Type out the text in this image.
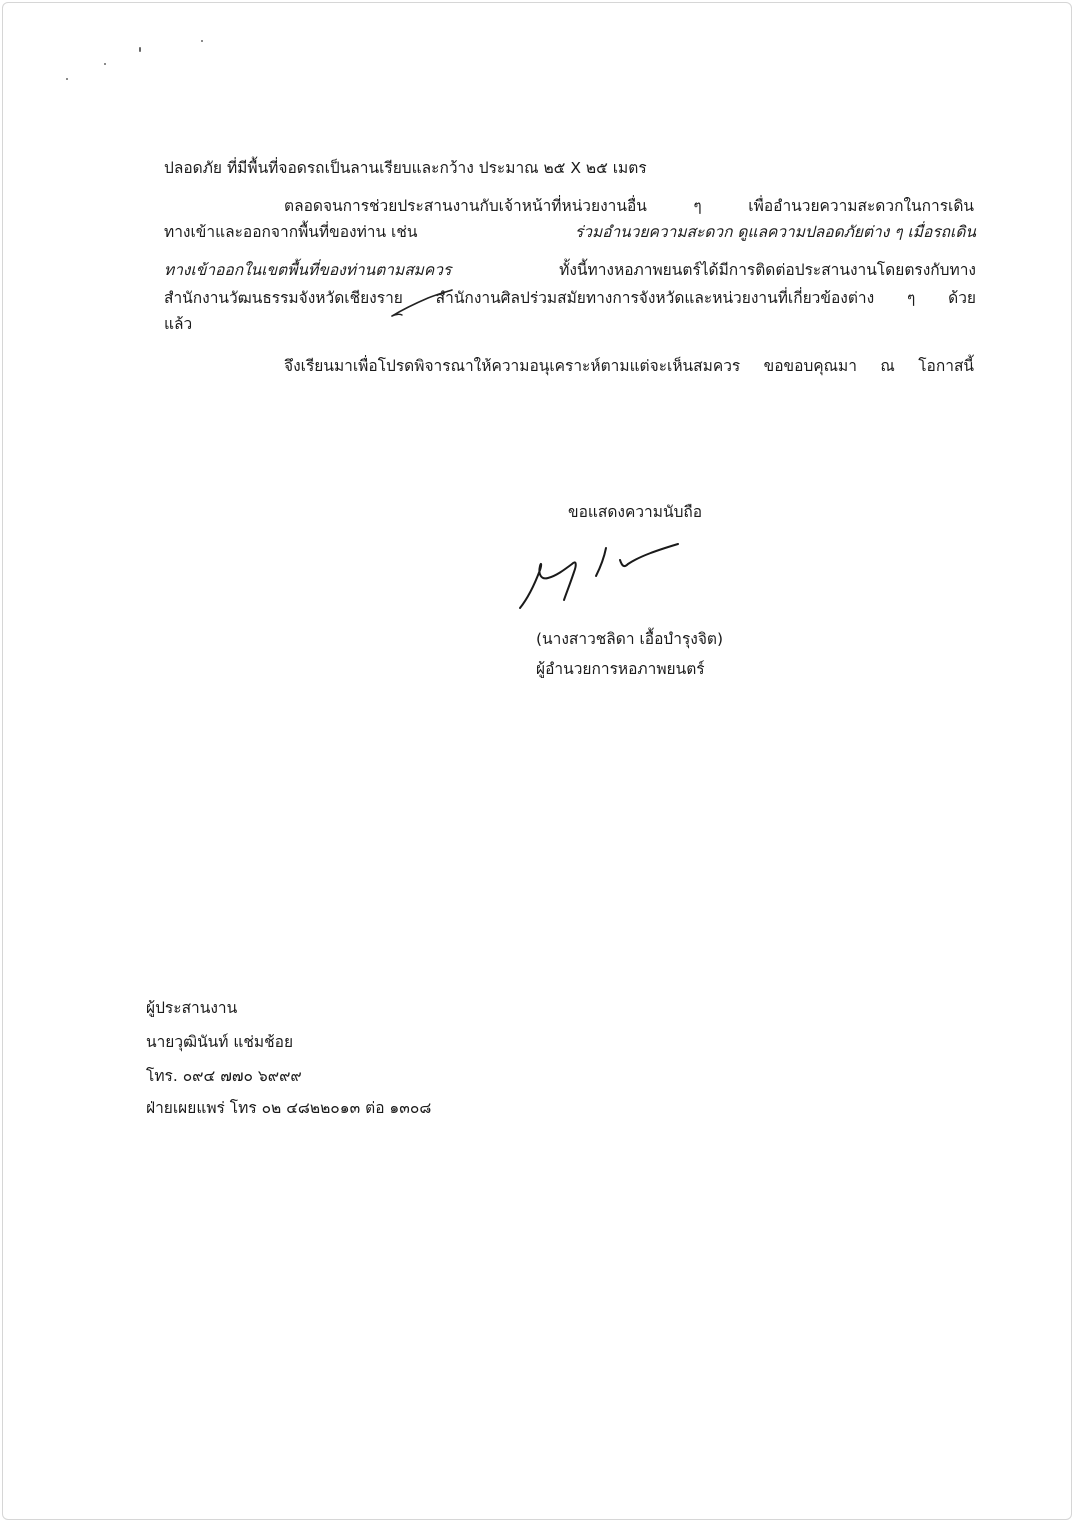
ปลอดภัย ที่มีพื้นที่จอดรถเป็นลานเรียบและกว้าง ประมาณ ๒๕ X ๒๕ เมตร
ตลอดจนการช่วยประสานงานกับเจ้าหน้าที่หน่วยงานอื่น ๆ เพื่ออำนวยความสะดวกในการเดิน
ทางเข้าและออกจากพื้นที่ของท่าน เช่น	ร่วมอำนวยความสะดวก ดูแลความปลอดภัยต่าง ๆ เมื่อรถเดิน
ทางเข้าออกในเขตพื้นที่ของท่านตามสมควร	ทั้งนี้ทางหอภาพยนตร์ได้มีการติดต่อประสานงานโดยตรงกับทาง
สำนักงานวัฒนธรรมจังหวัดเชียงราย สำนักงานศิลปร่วมสมัยทางการจังหวัดและหน่วยงานที่เกี่ยวข้องต่าง ๆ ด้วย
แล้ว
จึงเรียนมาเพื่อโปรดพิจารณาให้ความอนุเคราะห์ตามแต่จะเห็นสมควร ขอขอบคุณมา ณ โอกาสนี้
ขอแสดงความนับถือ
(นางสาวชลิดา เอื้อบำรุงจิต)
ผู้อำนวยการหอภาพยนตร์
ผู้ประสานงาน
นายวุฒินันท์ แช่มช้อย
โทร. ๐๙๔ ๗๗๐ ๖๙๙๙
ฝ่ายเผยแพร่ โทร ๐๒ ๔๘๒๒๐๑๓ ต่อ ๑๓๐๘
